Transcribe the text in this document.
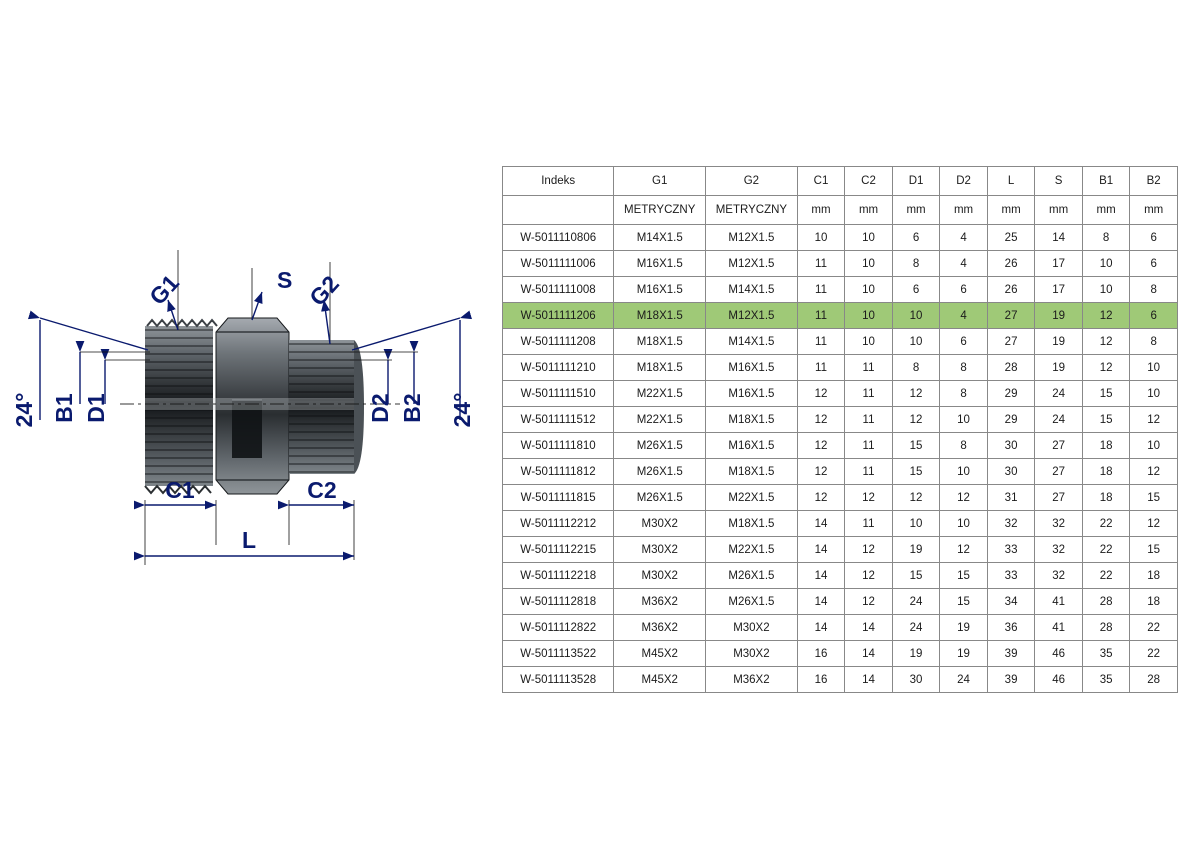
G1	S G2
24°	24°
B1 D1	D2 B2
C1	C2
L
Indeks	G1	G2	C1	C2	D1	D2	L	S	B1	B2
	METRYCZNY	METRYCZNY	mm	mm	mm	mm	mm	mm	mm	mm
W-5011110806	M14X1.5	M12X1.5	10	10	6	4	25	14	8	6
W-5011111006	M16X1.5	M12X1.5	11	10	8	4	26	17	10	6
W-5011111008	M16X1.5	M14X1.5	11	10	6	6	26	17	10	8
W-5011111206	M18X1.5	M12X1.5	11	10	10	4	27	19	12	6
W-5011111208	M18X1.5	M14X1.5	11	10	10	6	27	19	12	8
W-5011111210	M18X1.5	M16X1.5	11	11	8	8	28	19	12	10
W-5011111510	M22X1.5	M16X1.5	12	11	12	8	29	24	15	10
W-5011111512	M22X1.5	M18X1.5	12	11	12	10	29	24	15	12
W-5011111810	M26X1.5	M16X1.5	12	11	15	8	30	27	18	10
W-5011111812	M26X1.5	M18X1.5	12	11	15	10	30	27	18	12
W-5011111815	M26X1.5	M22X1.5	12	12	12	12	31	27	18	15
W-5011112212	M30X2	M18X1.5	14	11	10	10	32	32	22	12
W-5011112215	M30X2	M22X1.5	14	12	19	12	33	32	22	15
W-5011112218	M30X2	M26X1.5	14	12	15	15	33	32	22	18
W-5011112818	M36X2	M26X1.5	14	12	24	15	34	41	28	18
W-5011112822	M36X2	M30X2	14	14	24	19	36	41	28	22
W-5011113522	M45X2	M30X2	16	14	19	19	39	46	35	22
W-5011113528	M45X2	M36X2	16	14	30	24	39	46	35	28
